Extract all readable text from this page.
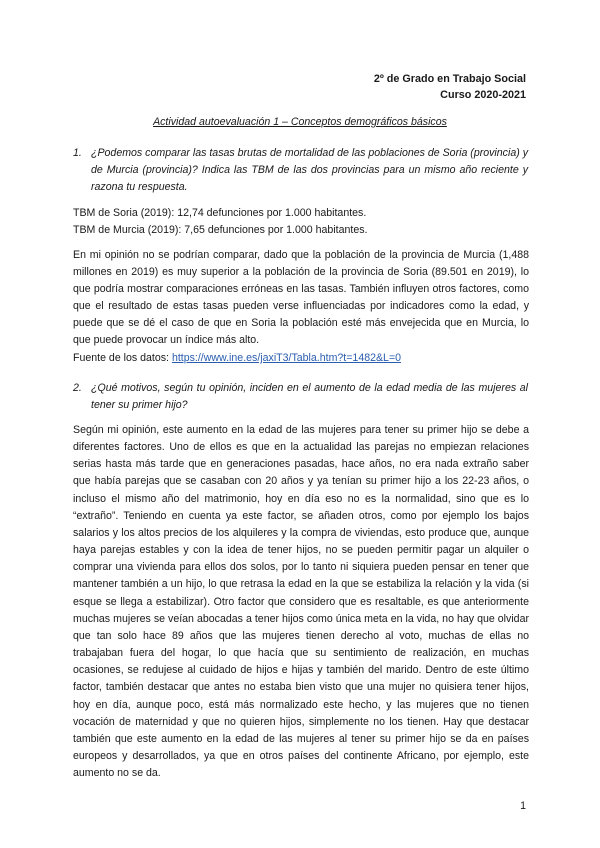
2º de Grado en Trabajo Social
Curso 2020-2021
Actividad autoevaluación 1 – Conceptos demográficos básicos
1. ¿Podemos comparar las tasas brutas de mortalidad de las poblaciones de Soria (provincia) y de Murcia (provincia)? Indica las TBM de las dos provincias para un mismo año reciente y razona tu respuesta.
TBM de Soria (2019): 12,74 defunciones por 1.000 habitantes.
TBM de Murcia (2019): 7,65 defunciones por 1.000 habitantes.

En mi opinión no se podrían comparar, dado que la población de la provincia de Murcia (1,488 millones en 2019) es muy superior a la población de la provincia de Soria (89.501 en 2019), lo que podría mostrar comparaciones erróneas en las tasas. También influyen otros factores, como que el resultado de estas tasas pueden verse influenciadas por indicadores como la edad, y puede que se dé el caso de que en Soria la población esté más envejecida que en Murcia, lo que puede provocar un índice más alto.

Fuente de los datos: https://www.ine.es/jaxiT3/Tabla.htm?t=1482&L=0
2. ¿Qué motivos, según tu opinión, inciden en el aumento de la edad media de las mujeres al tener su primer hijo?

Según mi opinión, este aumento en la edad de las mujeres para tener su primer hijo se debe a diferentes factores. Uno de ellos es que en la actualidad las parejas no empiezan relaciones serias hasta más tarde que en generaciones pasadas, hace años, no era nada extraño saber que había parejas que se casaban con 20 años y ya tenían su primer hijo a los 22-23 años, o incluso el mismo año del matrimonio, hoy en día eso no es la normalidad, sino que es lo “extraño”. Teniendo en cuenta ya este factor, se añaden otros, como por ejemplo los bajos salarios y los altos precios de los alquileres y la compra de viviendas, esto produce que, aunque haya parejas estables y con la idea de tener hijos, no se pueden permitir pagar un alquiler o comprar una vivienda para ellos dos solos, por lo tanto ni siquiera pueden pensar en tener que mantener también a un hijo, lo que retrasa la edad en la que se estabiliza la relación y la vida (si esque se llega a estabilizar). Otro factor que considero que es resaltable, es que anteriormente muchas mujeres se veían abocadas a tener hijos como única meta en la vida, no hay que olvidar que tan solo hace 89 años que las mujeres tienen derecho al voto, muchas de ellas no trabajaban fuera del hogar, lo que hacía que su sentimiento de realización, en muchas ocasiones, se redujese al cuidado de hijos e hijas y también del marido. Dentro de este último factor, también destacar que antes no estaba bien visto que una mujer no quisiera tener hijos, hoy en día, aunque poco, está más normalizado este hecho, y las mujeres que no tienen vocación de maternidad y que no quieren hijos, simplemente no los tienen. Hay que destacar también que este aumento en la edad de las mujeres al tener su primer hijo se da en países europeos y desarrollados, ya que en otros países del continente Africano, por ejemplo, este aumento no se da.

1
